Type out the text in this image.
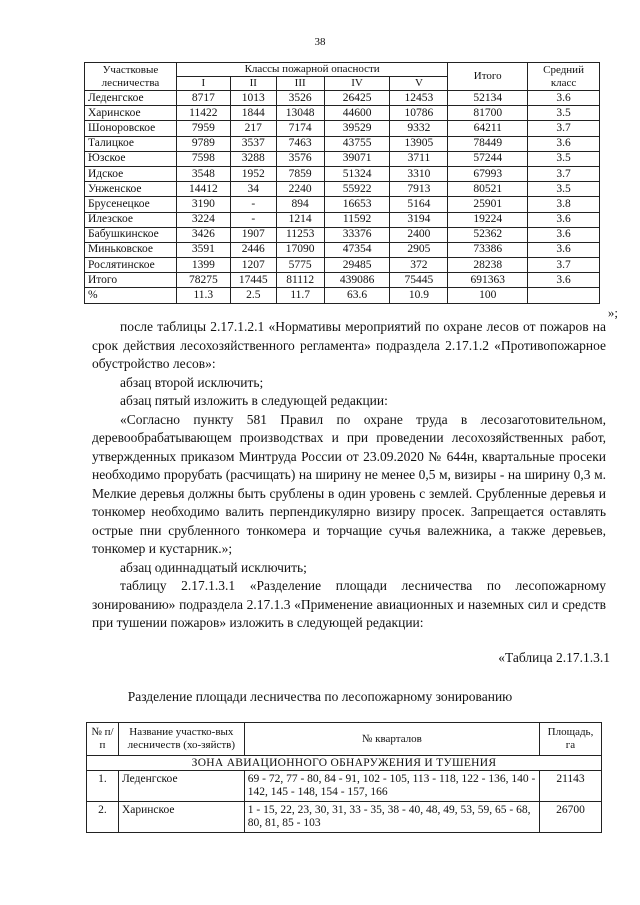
38
Участковые лесничества	Классы пожарной опасности					Итого	Средний класс
	I	II	III	IV	V		
Леденгское	8717	1013	3526	26425	12453	52134	3.6
Харинское	11422	1844	13048	44600	10786	81700	3.5
Шоноровское	7959	217	7174	39529	9332	64211	3.7
Талицкое	9789	3537	7463	43755	13905	78449	3.6
Юзское	7598	3288	3576	39071	3711	57244	3.5
Идское	3548	1952	7859	51324	3310	67993	3.7
Унженское	14412	34	2240	55922	7913	80521	3.5
Брусенецкое	3190	-	894	16653	5164	25901	3.8
Илезское	3224	-	1214	11592	3194	19224	3.6
Бабушкинское	3426	1907	11253	33376	2400	52362	3.6
Миньковское	3591	2446	17090	47354	2905	73386	3.6
Рослятинское	1399	1207	5775	29485	372	28238	3.7
Итого	78275	17445	81112	439086	75445	691363	3.6
%	11.3	2.5	11.7	63.6	10.9	100	
»;

после таблицы 2.17.1.2.1 «Нормативы мероприятий по охране лесов от пожаров на срок действия лесохозяйственного регламента» подраздела 2.17.1.2 «Противопожарное обустройство лесов»:

абзац второй исключить;

абзац пятый изложить в следующей редакции:

«Согласно пункту 581 Правил по охране труда в лесозаготовительном, деревообрабатывающем производствах и при проведении лесохозяйственных работ, утвержденных приказом Минтруда России от 23.09.2020 № 644н, квартальные просеки необходимо прорубать (расчищать) на ширину не менее 0,5 м, визиры - на ширину 0,3 м. Мелкие деревья должны быть срублены в один уровень с землей. Срубленные деревья и тонкомер необходимо валить перпендикулярно визиру просек. Запрещается оставлять острые пни срубленного тонкомера и торчащие сучья валежника, а также деревьев, тонкомер и кустарник.»;

абзац одиннадцатый исключить;

таблицу 2.17.1.3.1 «Разделение площади лесничества по лесопожарному зонированию» подраздела 2.17.1.3 «Применение авиационных и наземных сил и средств при тушении пожаров» изложить в следующей редакции:

«Таблица 2.17.1.3.1
Разделение площади лесничества по лесопожарному зонированию
№ п/п	Название участко-вых лесничеств (хо-зяйств)	№ кварталов	Площадь, га
ЗОНА АВИАЦИОННОГО ОБНАРУЖЕНИЯ И ТУШЕНИЯ			
1.	Леденгское	69 - 72, 77 - 80, 84 - 91, 102 - 105, 113 - 118, 122 - 136, 140 - 142, 145 - 148, 154 - 157, 166	21143
2.	Харинское	1 - 15, 22, 23, 30, 31, 33 - 35, 38 - 40, 48, 49, 53, 59, 65 - 68, 80, 81, 85 - 103	26700
